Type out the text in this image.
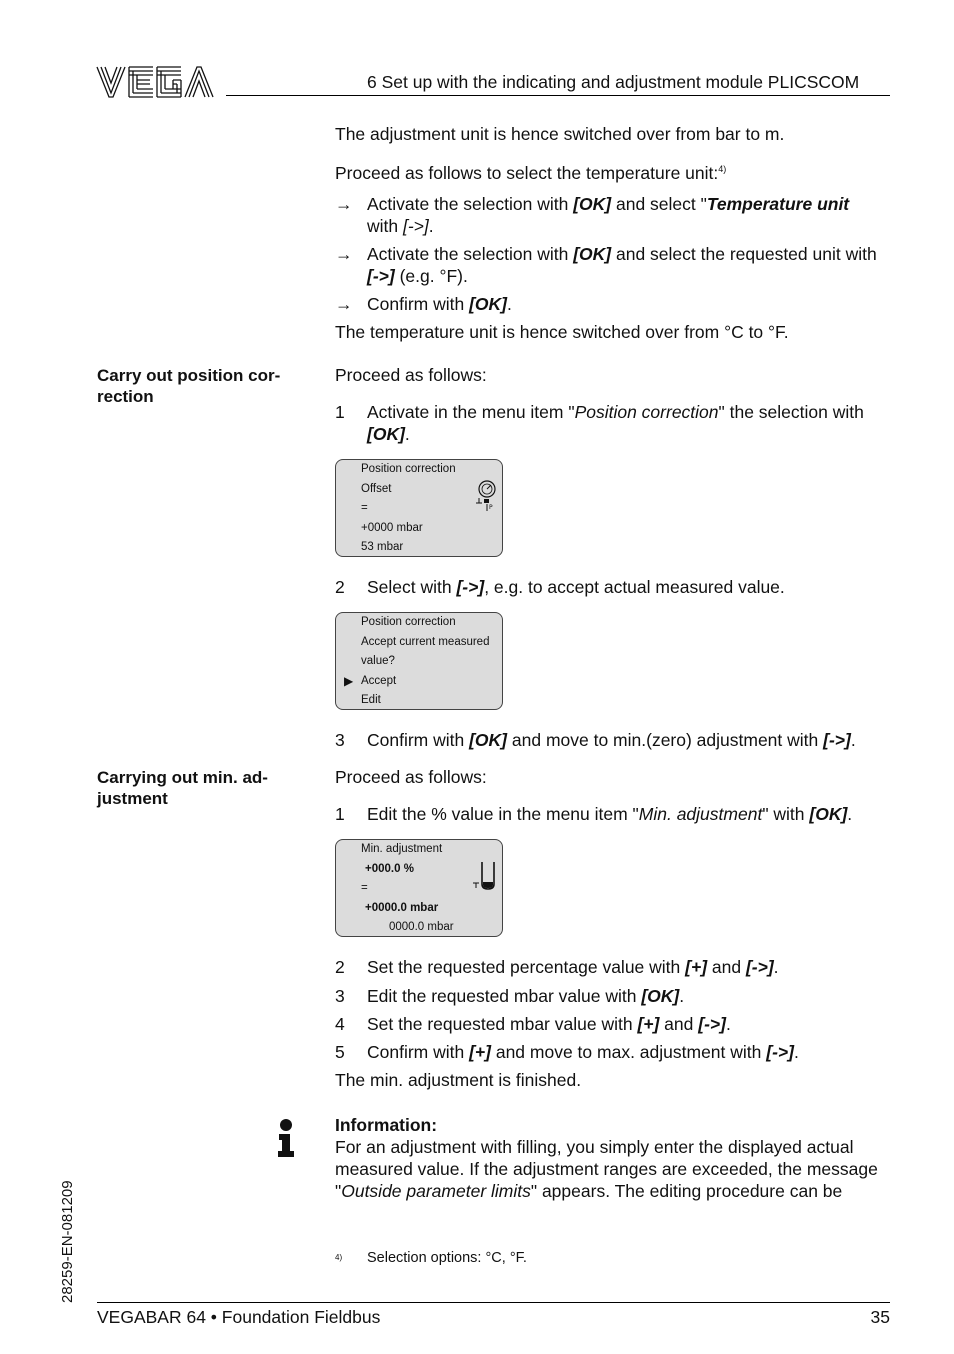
VEGA
6 Set up with the indicating and adjustment module PLICSCOM
The adjustment unit is hence switched over from bar to m.
Proceed as follows to select the temperature unit:$^{4)}$
→ Activate the selection with [OK] and select "Temperature unit
with [->].
→ Activate the selection with [OK] and select the requested unit with
[->] (e.g. °F).
→ Confirm with [OK].
The temperature unit is hence switched over from °C to °F.
Carry out position cor-
rection
Proceed as follows:
1	Activate in the menu item "Position correction" the selection with
[OK].
Position correction
Offset
=
+0000 mbar
53 mbar
P
2	Select with [->], e.g. to accept actual measured value.
Position correction
Accept current measured
value?
Accept
Edit
▶
3	Confirm with [OK] and move to min.(zero) adjustment with [->].
Carrying out min. ad-
justment
Proceed as follows:
1	Edit the % value in the menu item "Min. adjustment" with [OK].
Min. adjustment
+000.0 %
=
+0000.0 mbar
0000.0 mbar
2	Set the requested percentage value with [+] and [->].
3	Edit the requested mbar value with [OK].
4	Set the requested mbar value with [+] and [->].
5	Confirm with [+] and move to max. adjustment with [->].
The min. adjustment is finished.
Information:
For an adjustment with filling, you simply enter the displayed actual
measured value. If the adjustment ranges are exceeded, the message
"Outside parameter limits" appears. The editing procedure can be
4) Selection options: °C, °F.
28259-EN-081209
VEGABAR 64 • Foundation Fieldbus	35
